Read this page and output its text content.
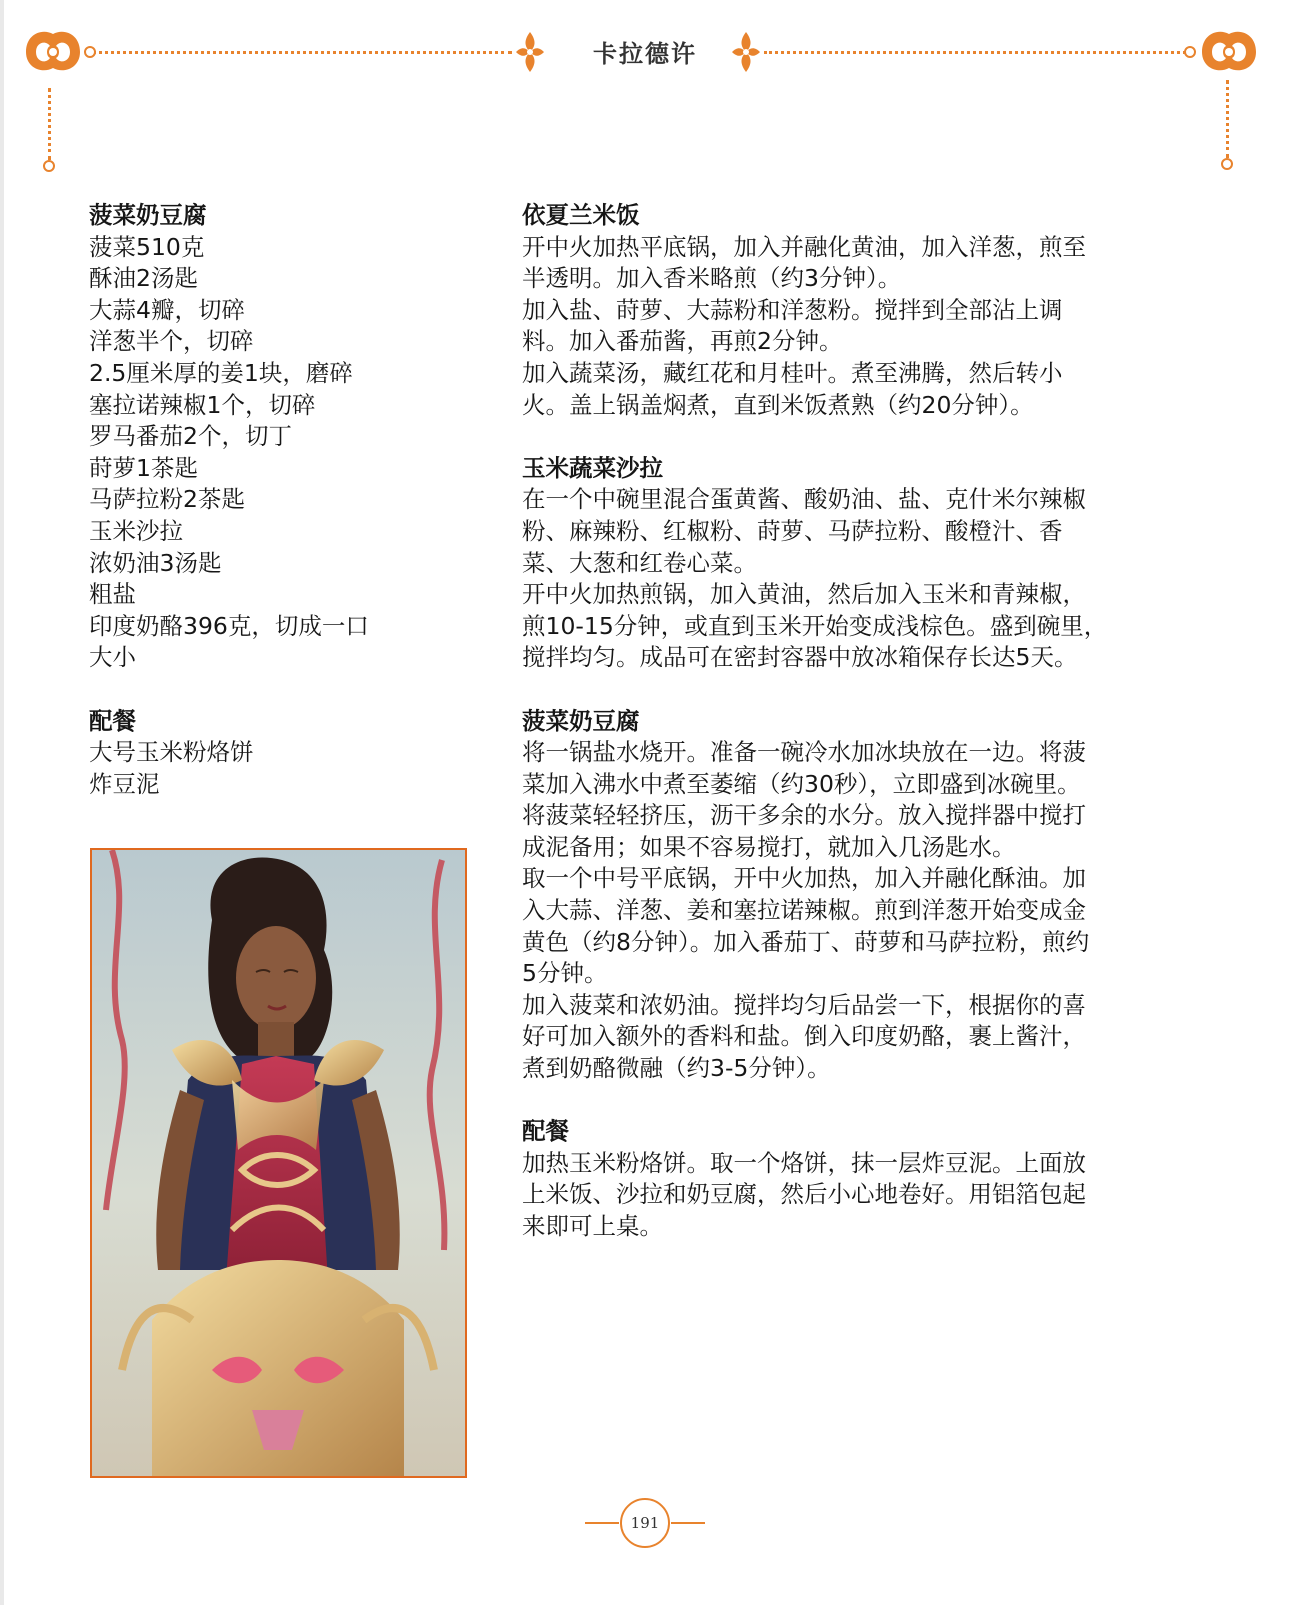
卡拉德许
菠菜奶豆腐
菠菜510克
酥油2汤匙
大蒜4瓣，切碎
洋葱半个，切碎
2.5厘米厚的姜1块，磨碎
塞拉诺辣椒1个，切碎
罗马番茄2个，切丁
莳萝1茶匙
马萨拉粉2茶匙
玉米沙拉
浓奶油3汤匙
粗盐
印度奶酪396克，切成一口
大小
配餐
大号玉米粉烙饼
炸豆泥
依夏兰米饭
开中火加热平底锅，加入并融化黄油，加入洋葱，煎至
半透明。加入香米略煎（约3分钟）。
加入盐、莳萝、大蒜粉和洋葱粉。搅拌到全部沾上调
料。加入番茄酱，再煎2分钟。
加入蔬菜汤，藏红花和月桂叶。煮至沸腾，然后转小
火。盖上锅盖焖煮，直到米饭煮熟（约20分钟）。
玉米蔬菜沙拉
在一个中碗里混合蛋黄酱、酸奶油、盐、克什米尔辣椒
粉、麻辣粉、红椒粉、莳萝、马萨拉粉、酸橙汁、香
菜、大葱和红卷心菜。
开中火加热煎锅，加入黄油，然后加入玉米和青辣椒，
煎10-15分钟，或直到玉米开始变成浅棕色。盛到碗里，
搅拌均匀。成品可在密封容器中放冰箱保存长达5天。
菠菜奶豆腐
将一锅盐水烧开。准备一碗冷水加冰块放在一边。将菠
菜加入沸水中煮至萎缩（约30秒），立即盛到冰碗里。
将菠菜轻轻挤压，沥干多余的水分。放入搅拌器中搅打
成泥备用；如果不容易搅打，就加入几汤匙水。
取一个中号平底锅，开中火加热，加入并融化酥油。加
入大蒜、洋葱、姜和塞拉诺辣椒。煎到洋葱开始变成金
黄色（约8分钟）。加入番茄丁、莳萝和马萨拉粉，煎约
5分钟。
加入菠菜和浓奶油。搅拌均匀后品尝一下，根据你的喜
好可加入额外的香料和盐。倒入印度奶酪，裹上酱汁，
煮到奶酪微融（约3-5分钟）。
配餐
加热玉米粉烙饼。取一个烙饼，抹一层炸豆泥。上面放
上米饭、沙拉和奶豆腐，然后小心地卷好。用铝箔包起
来即可上桌。
191
